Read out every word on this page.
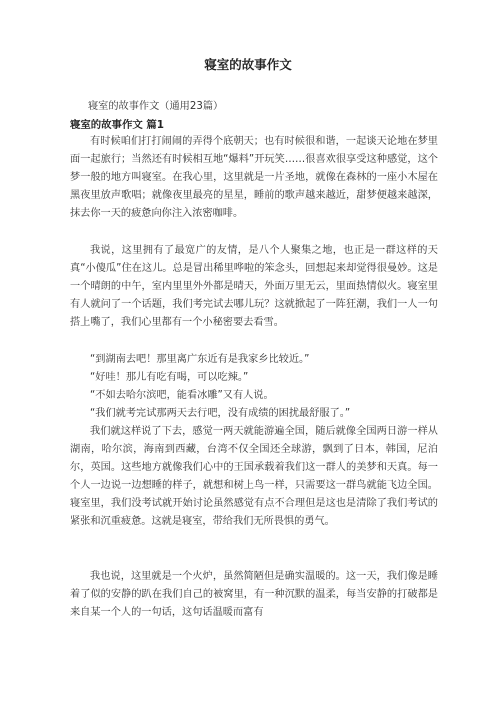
寝室的故事作文
寝室的故事作文（通用23篇）
寝室的故事作文 篇1

有时候咱们打打闹闹的弄得个底朝天；也有时候很和谐，一起谈天论地在梦里面一起旅行；当然还有时候相互地“爆料”开玩笑……很喜欢很享受这种感觉，这个梦一般的地方叫寝室。在我心里，这里就是一片圣地，就像在森林的一座小木屋在黑夜里放声歌唱；就像夜里最亮的星星，睡前的歌声越来越近，甜梦便越来越深，抹去你一天的疲惫向你注入浓密咖啡。

我说，这里拥有了最宽广的友情，是八个人聚集之地，也正是一群这样的天真“小傻瓜”住在这儿。总是冒出稀里哗啦的笨念头，回想起来却觉得很曼妙。这是一个晴朗的中午，室内里里外外都是晴天，外面万里无云，里面热情似火。寝室里有人就问了一个话题，我们考完试去哪儿玩？这就掀起了一阵狂潮，我们一人一句搭上嘴了，我们心里都有一个小秘密要去看雪。

“到湖南去吧！那里离广东近有是我家乡比较近。”
“好哇！那儿有吃有喝，可以吃辣。”
“不如去哈尔滨吧，能看冰雕”又有人说。
“我们就考完试那两天去行吧，没有成绩的困扰最舒服了。”

我们就这样说了下去，感觉一两天就能游遍全国，随后就像全国两日游一样从湖南，哈尔滨，海南到西藏，台湾不仅全国还全球游，飘到了日本，韩国，尼泊尔，英国。这些地方就像我们心中的王国承载着我们这一群人的美梦和天真。每一个人一边说一边想睡的样子，就想和树上鸟一样，只需要这一群鸟就能飞边全国。寝室里，我们没考试就开始讨论虽然感觉有点不合理但是这也是清除了我们考试的紧张和沉重疲惫。这就是寝室，带给我们无所畏惧的勇气。

我也说，这里就是一个火炉，虽然简陋但是确实温暖的。这一天，我们像是睡着了似的安静的趴在我们自己的被窝里，有一种沉默的温柔，每当安静的打破都是来自某一个人的一句话，这句话温暖而富有
